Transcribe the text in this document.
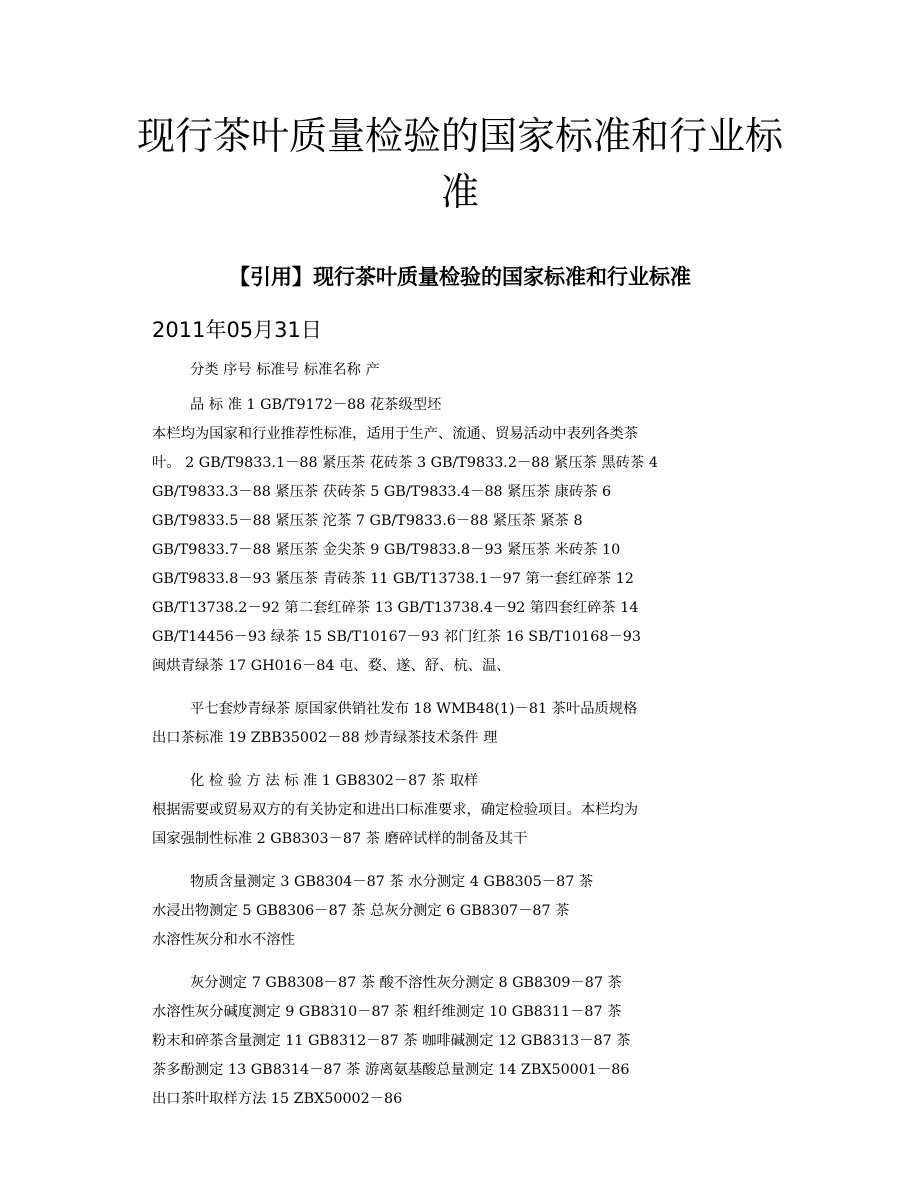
现行茶叶质量检验的国家标准和行业标准
【引用】现行茶叶质量检验的国家标准和行业标准
2011年05月31日
分类 序号 标准号 标准名称 产
品 标 准 1 GB/T9172－88 花茶级型坯
本栏均为国家和行业推荐性标准，适用于生产、流通、贸易活动中表列各类茶
叶。 2 GB/T9833.1－88 紧压茶 花砖茶 3 GB/T9833.2－88 紧压茶 黑砖茶 4
GB/T9833.3－88 紧压茶 茯砖茶 5 GB/T9833.4－88 紧压茶 康砖茶 6
GB/T9833.5－88 紧压茶 沱茶 7 GB/T9833.6－88 紧压茶 紧茶 8
GB/T9833.7－88 紧压茶 金尖茶 9 GB/T9833.8－93 紧压茶 米砖茶 10
GB/T9833.8－93 紧压茶 青砖茶 11 GB/T13738.1－97 第一套红碎茶 12
GB/T13738.2－92 第二套红碎茶 13 GB/T13738.4－92 第四套红碎茶 14
GB/T14456－93 绿茶 15 SB/T10167－93 祁门红茶 16 SB/T10168－93
闽烘青绿茶 17 GH016－84 屯、婺、遂、舒、杭、温、
平七套炒青绿茶 原国家供销社发布 18 WMB48(1)－81 茶叶品质规格
出口茶标准 19 ZBB35002－88 炒青绿茶技术条件 理
化 检 验 方 法 标 准 1 GB8302－87 茶 取样
根据需要或贸易双方的有关协定和进出口标准要求，确定检验项目。本栏均为
国家强制性标准 2 GB8303－87 茶 磨碎试样的制备及其干
物质含量测定 3 GB8304－87 茶 水分测定 4 GB8305－87 茶
水浸出物测定 5 GB8306－87 茶 总灰分测定 6 GB8307－87 茶
水溶性灰分和水不溶性
灰分测定 7 GB8308－87 茶 酸不溶性灰分测定 8 GB8309－87 茶
水溶性灰分碱度测定 9 GB8310－87 茶 粗纤维测定 10 GB8311－87 茶
粉末和碎茶含量测定 11 GB8312－87 茶 咖啡碱测定 12 GB8313－87 茶
茶多酚测定 13 GB8314－87 茶 游离氨基酸总量测定 14 ZBX50001－86
出口茶叶取样方法 15 ZBX50002－86
